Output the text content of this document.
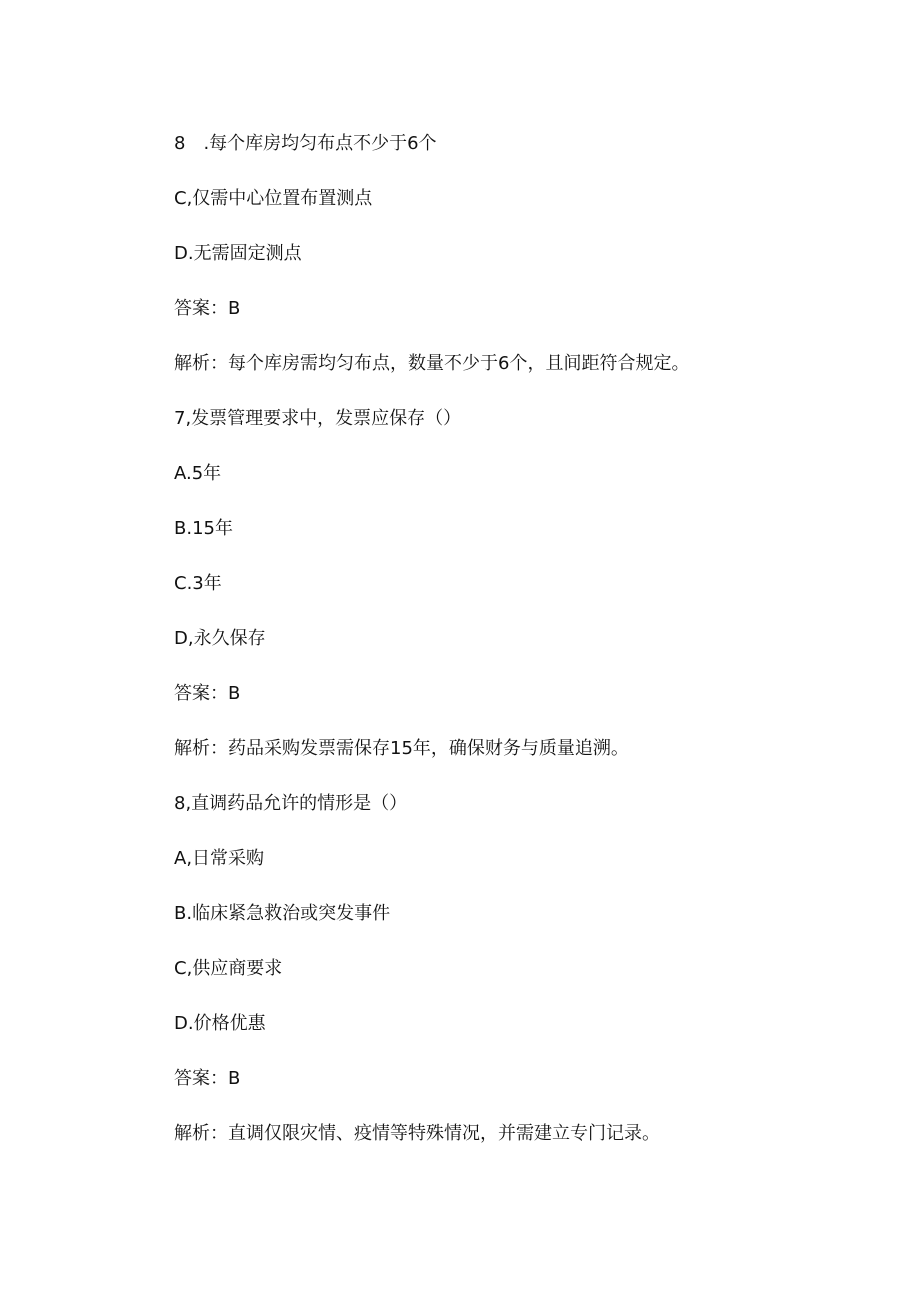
8　.每个库房均匀布点不少于6个
C,仅需中心位置布置测点
D.无需固定测点
答案：B
解析：每个库房需均匀布点，数量不少于6个，且间距符合规定。
7,发票管理要求中，发票应保存（）
A.5年
B.15年
C.3年
D,永久保存
答案：B
解析：药品采购发票需保存15年，确保财务与质量追溯。
8,直调药品允许的情形是（）
A,日常采购
B.临床紧急救治或突发事件
C,供应商要求
D.价格优惠
答案：B
解析：直调仅限灾情、疫情等特殊情况，并需建立专门记录。
